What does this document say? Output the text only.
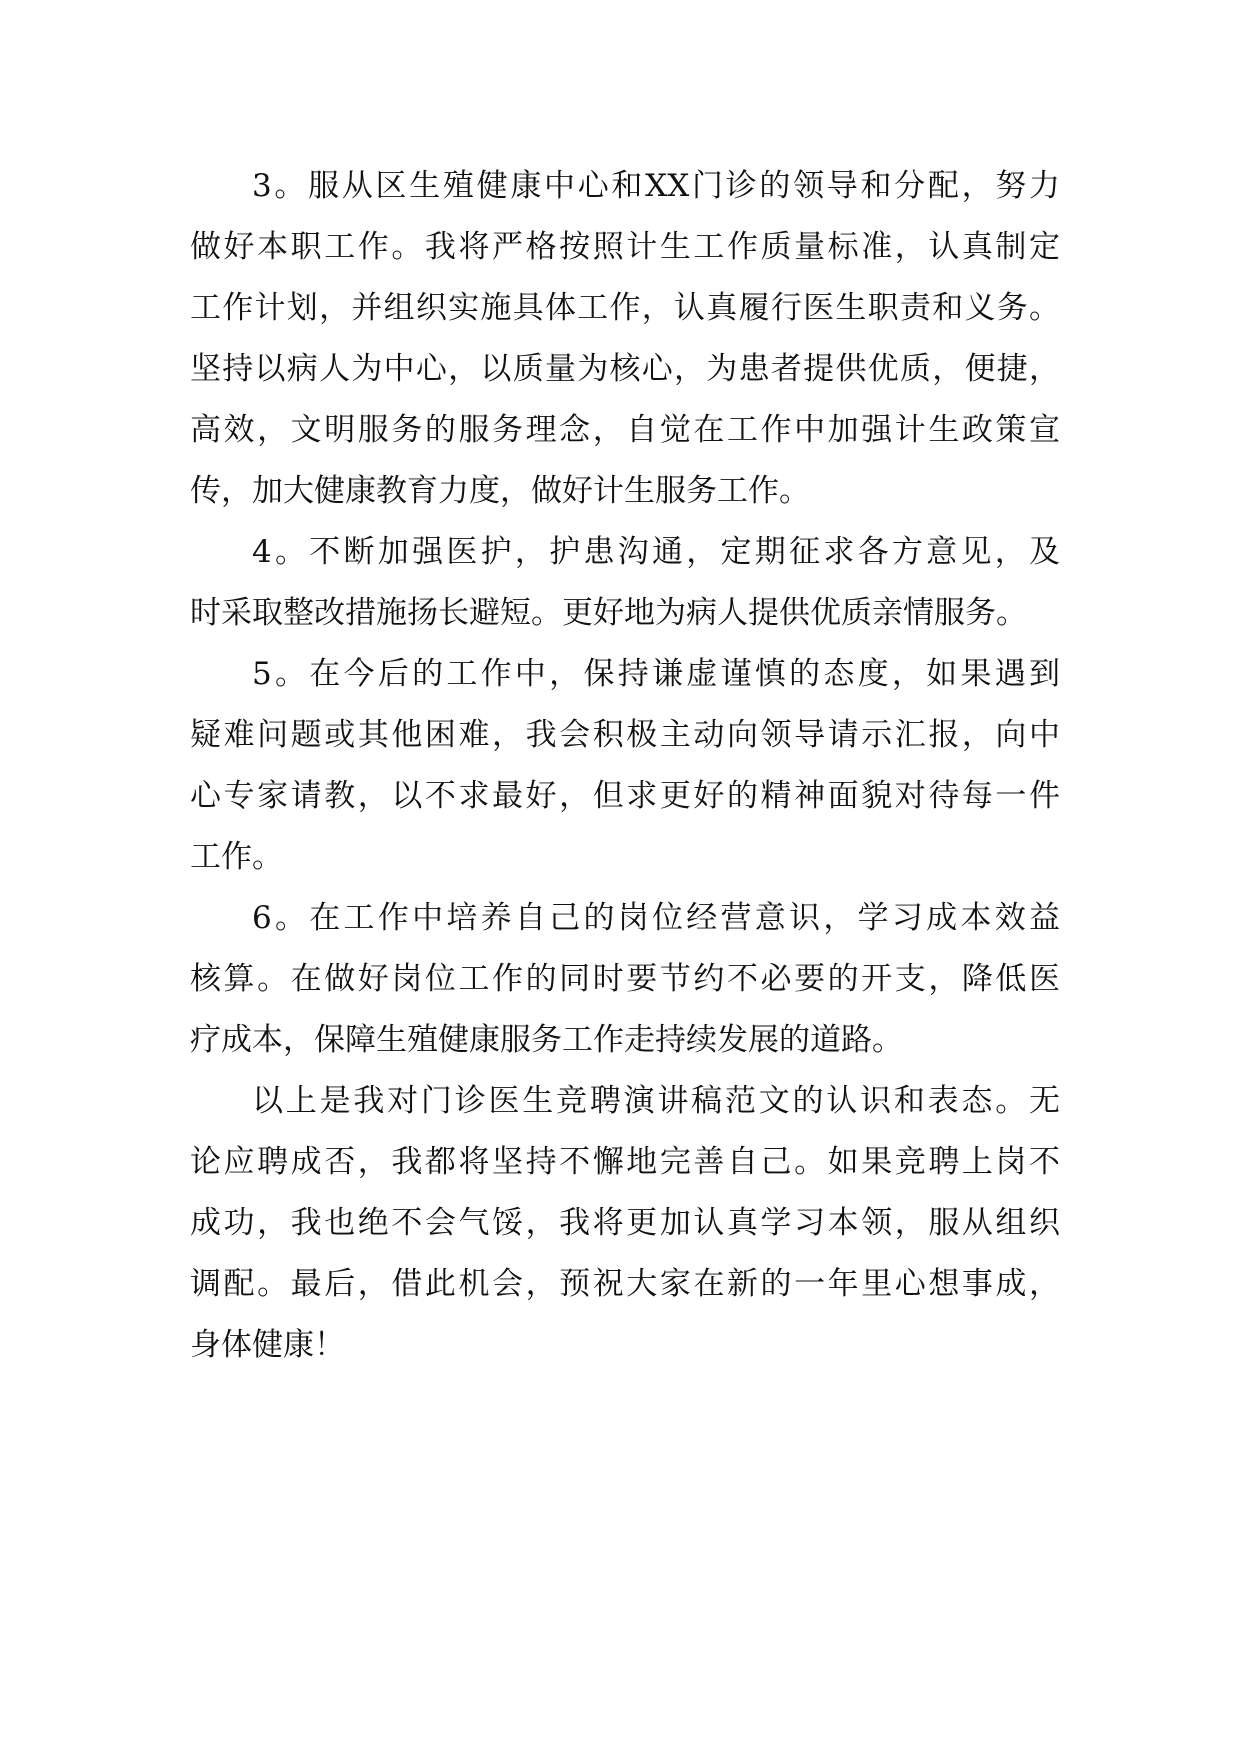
3。服从区生殖健康中心和XX门诊的领导和分配，努力
做好本职工作。我将严格按照计生工作质量标准，认真制定
工作计划，并组织实施具体工作，认真履行医生职责和义务。
坚持以病人为中心，以质量为核心，为患者提供优质，便捷，
高效，文明服务的服务理念，自觉在工作中加强计生政策宣
传，加大健康教育力度，做好计生服务工作。
4。不断加强医护，护患沟通，定期征求各方意见，及
时采取整改措施扬长避短。更好地为病人提供优质亲情服务。
5。在今后的工作中，保持谦虚谨慎的态度，如果遇到
疑难问题或其他困难，我会积极主动向领导请示汇报，向中
心专家请教，以不求最好，但求更好的精神面貌对待每一件
工作。
6。在工作中培养自己的岗位经营意识，学习成本效益
核算。在做好岗位工作的同时要节约不必要的开支，降低医
疗成本，保障生殖健康服务工作走持续发展的道路。
以上是我对门诊医生竞聘演讲稿范文的认识和表态。无
论应聘成否，我都将坚持不懈地完善自己。如果竞聘上岗不
成功，我也绝不会气馁，我将更加认真学习本领，服从组织
调配。最后，借此机会，预祝大家在新的一年里心想事成，
身体健康！
